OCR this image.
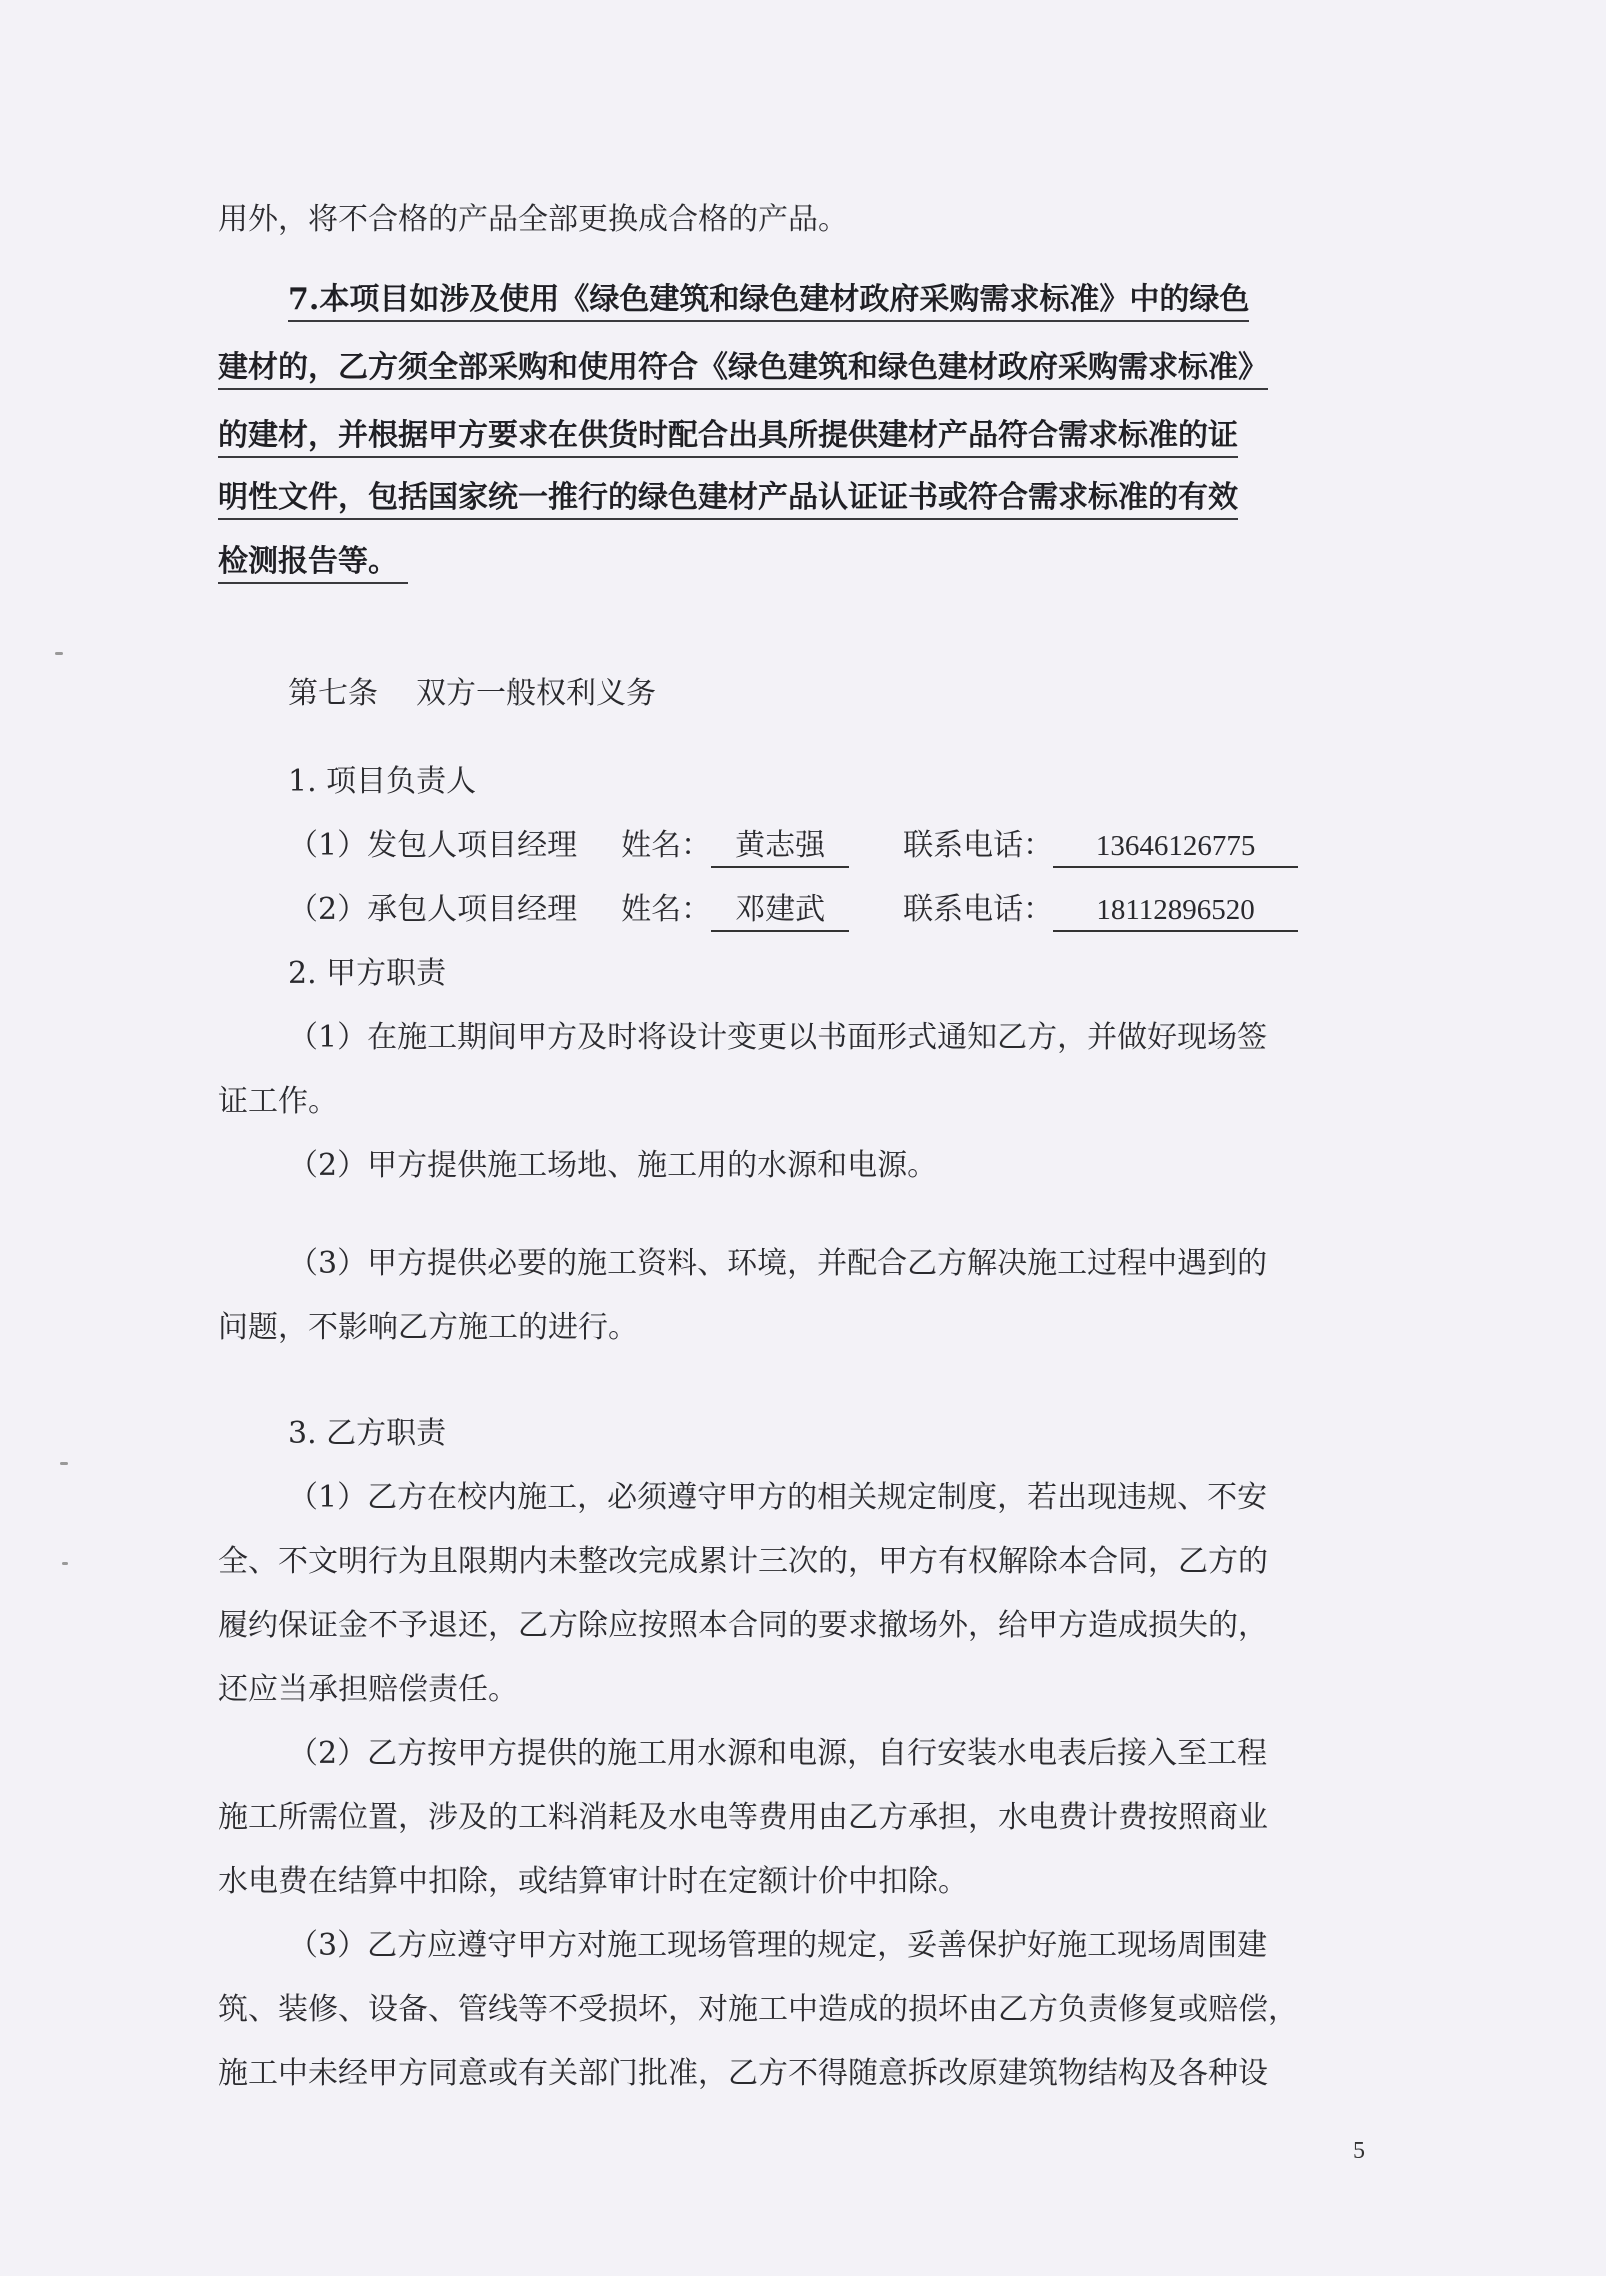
用外，将不合格的产品全部更换成合格的产品。

7.本项目如涉及使用《绿色建筑和绿色建材政府采购需求标准》中的绿色

建材的，乙方须全部采购和使用符合《绿色建筑和绿色建材政府采购需求标准》

的建材，并根据甲方要求在供货时配合出具所提供建材产品符合需求标准的证

明性文件，包括国家统一推行的绿色建材产品认证证书或符合需求标准的有效

检测报告等。

第七条 双方一般权利义务

1. 项目负责人

（1）发包人项目经理 姓名： 黄志强	联系电话： 13646126775

（2）承包人项目经理 姓名： 邓建武	联系电话： 18112896520

2. 甲方职责

（1）在施工期间甲方及时将设计变更以书面形式通知乙方，并做好现场签

证工作。

（2）甲方提供施工场地、施工用的水源和电源。

（3）甲方提供必要的施工资料、环境，并配合乙方解决施工过程中遇到的

问题，不影响乙方施工的进行。

3. 乙方职责

（1）乙方在校内施工，必须遵守甲方的相关规定制度，若出现违规、不安

全、不文明行为且限期内未整改完成累计三次的，甲方有权解除本合同，乙方的

履约保证金不予退还，乙方除应按照本合同的要求撤场外，给甲方造成损失的，

还应当承担赔偿责任。

（2）乙方按甲方提供的施工用水源和电源，自行安装水电表后接入至工程

施工所需位置，涉及的工料消耗及水电等费用由乙方承担，水电费计费按照商业

水电费在结算中扣除，或结算审计时在定额计价中扣除。

（3）乙方应遵守甲方对施工现场管理的规定，妥善保护好施工现场周围建

筑、装修、设备、管线等不受损坏，对施工中造成的损坏由乙方负责修复或赔偿，

施工中未经甲方同意或有关部门批准，乙方不得随意拆改原建筑物结构及各种设

5
